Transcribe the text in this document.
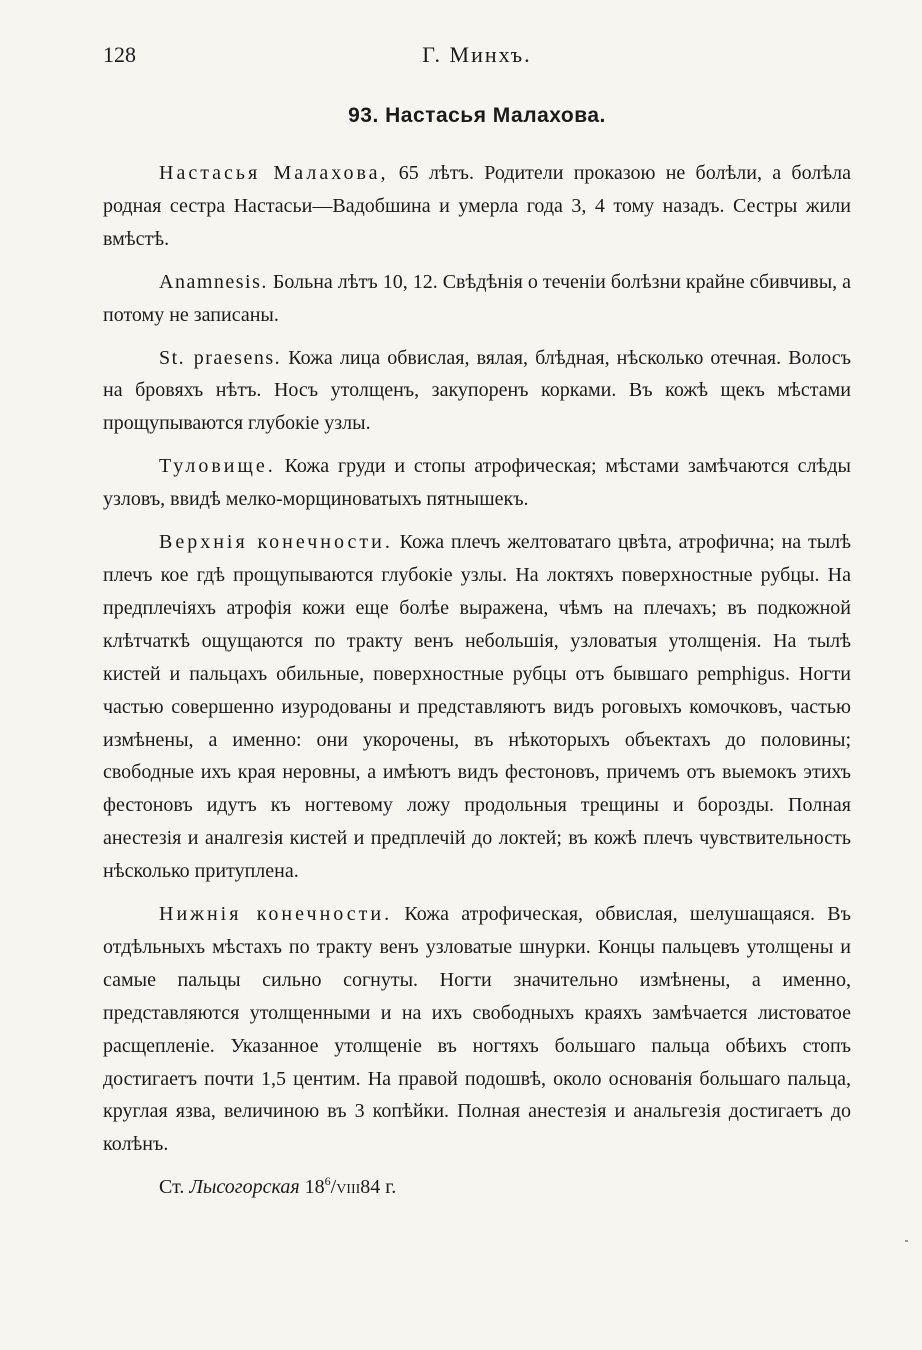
128	Г. Минхъ.
93. Настасья Малахова.

Настасья Малахова, 65 лѣтъ. Родители проказою не болѣли, а болѣла родная сестра Настасьи—Вадобшина и умерла года 3, 4 тому назадъ. Сестры жили вмѣстѣ.

Anamnesis. Больна лѣтъ 10, 12. Свѣдѣнія о теченіи болѣзни крайне сбивчивы, а потому не записаны.

St. praesens. Кожа лица обвислая, вялая, блѣдная, нѣсколько отечная. Волосъ на бровяхъ нѣтъ. Носъ утолщенъ, закупоренъ корками. Въ кожѣ щекъ мѣстами прощупываются глубокіе узлы.

Туловище. Кожа груди и стопы атрофическая; мѣстами замѣчаются слѣды узловъ, ввидѣ мелко-морщиноватыхъ пятнышекъ.

Верхнія конечности. Кожа плечъ желтоватаго цвѣта, атрофична; на тылѣ плечъ кое гдѣ прощупываются глубокіе узлы. На локтяхъ поверхностные рубцы. На предплечіяхъ атрофія кожи еще болѣе выражена, чѣмъ на плечахъ; въ подкожной клѣтчаткѣ ощущаются по тракту венъ небольшія, узловатыя утолщенія. На тылѣ кистей и пальцахъ обильные, поверхностные рубцы отъ бывшаго pemphigus. Ногти частью совершенно изуродованы и представляютъ видъ роговыхъ комочковъ, частью измѣнены, а именно: они укорочены, въ нѣкоторыхъ объектахъ до половины; свободные ихъ края неровны, а имѣютъ видъ фестоновъ, причемъ отъ выемокъ этихъ фестоновъ идутъ къ ногтевому ложу продольныя трещины и борозды. Полная анестезія и аналгезія кистей и предплечій до локтей; въ кожѣ плечъ чувствительность нѣсколько притуплена.

Нижнія конечности. Кожа атрофическая, обвислая, шелушащаяся. Въ отдѣльныхъ мѣстахъ по тракту венъ узловатые шнурки. Концы пальцевъ утолщены и самые пальцы сильно согнуты. Ногти значительно измѣнены, а именно, представляются утолщенными и на ихъ свободныхъ краяхъ замѣчается листоватое расщепленіе. Указанное утолщеніе въ ногтяхъ большаго пальца обѣихъ стопъ достигаетъ почти 1,5 центим. На правой подошвѣ, около основанія большаго пальца, круглая язва, величиною въ 3 копѣйки. Полная анестезія и анальгезія достигаетъ до колѣнъ.

Ст. Лысогорская $18^6/VIII84$ г.
